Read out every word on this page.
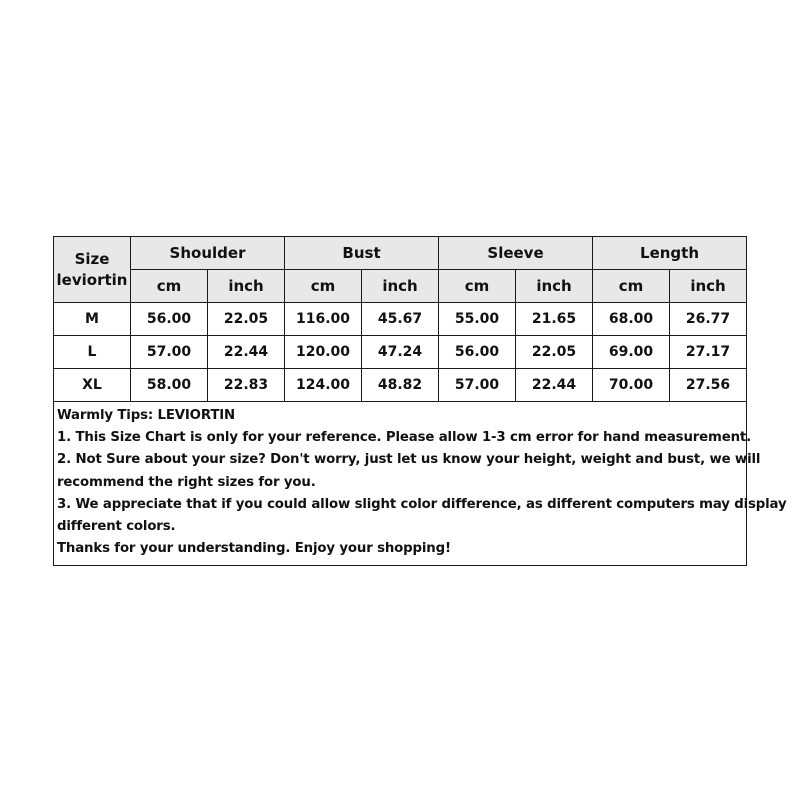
Size
leviortin	Shoulder		Bust		Sleeve		Length	
	cm	inch	cm	inch	cm	inch	cm	inch
M	56.00	22.05	116.00	45.67	55.00	21.65	68.00	26.77
L	57.00	22.44	120.00	47.24	56.00	22.05	69.00	27.17
XL	58.00	22.83	124.00	48.82	57.00	22.44	70.00	27.56
Warmly Tips: LEVIORTIN
1. This Size Chart is only for your reference. Please allow 1-3 cm error for hand measurement.
2. Not Sure about your size? Don't worry, just let us know your height, weight and bust, we will
recommend the right sizes for you.
3. We appreciate that if you could allow slight color difference, as different computers may display
different colors.
Thanks for your understanding. Enjoy your shopping!
